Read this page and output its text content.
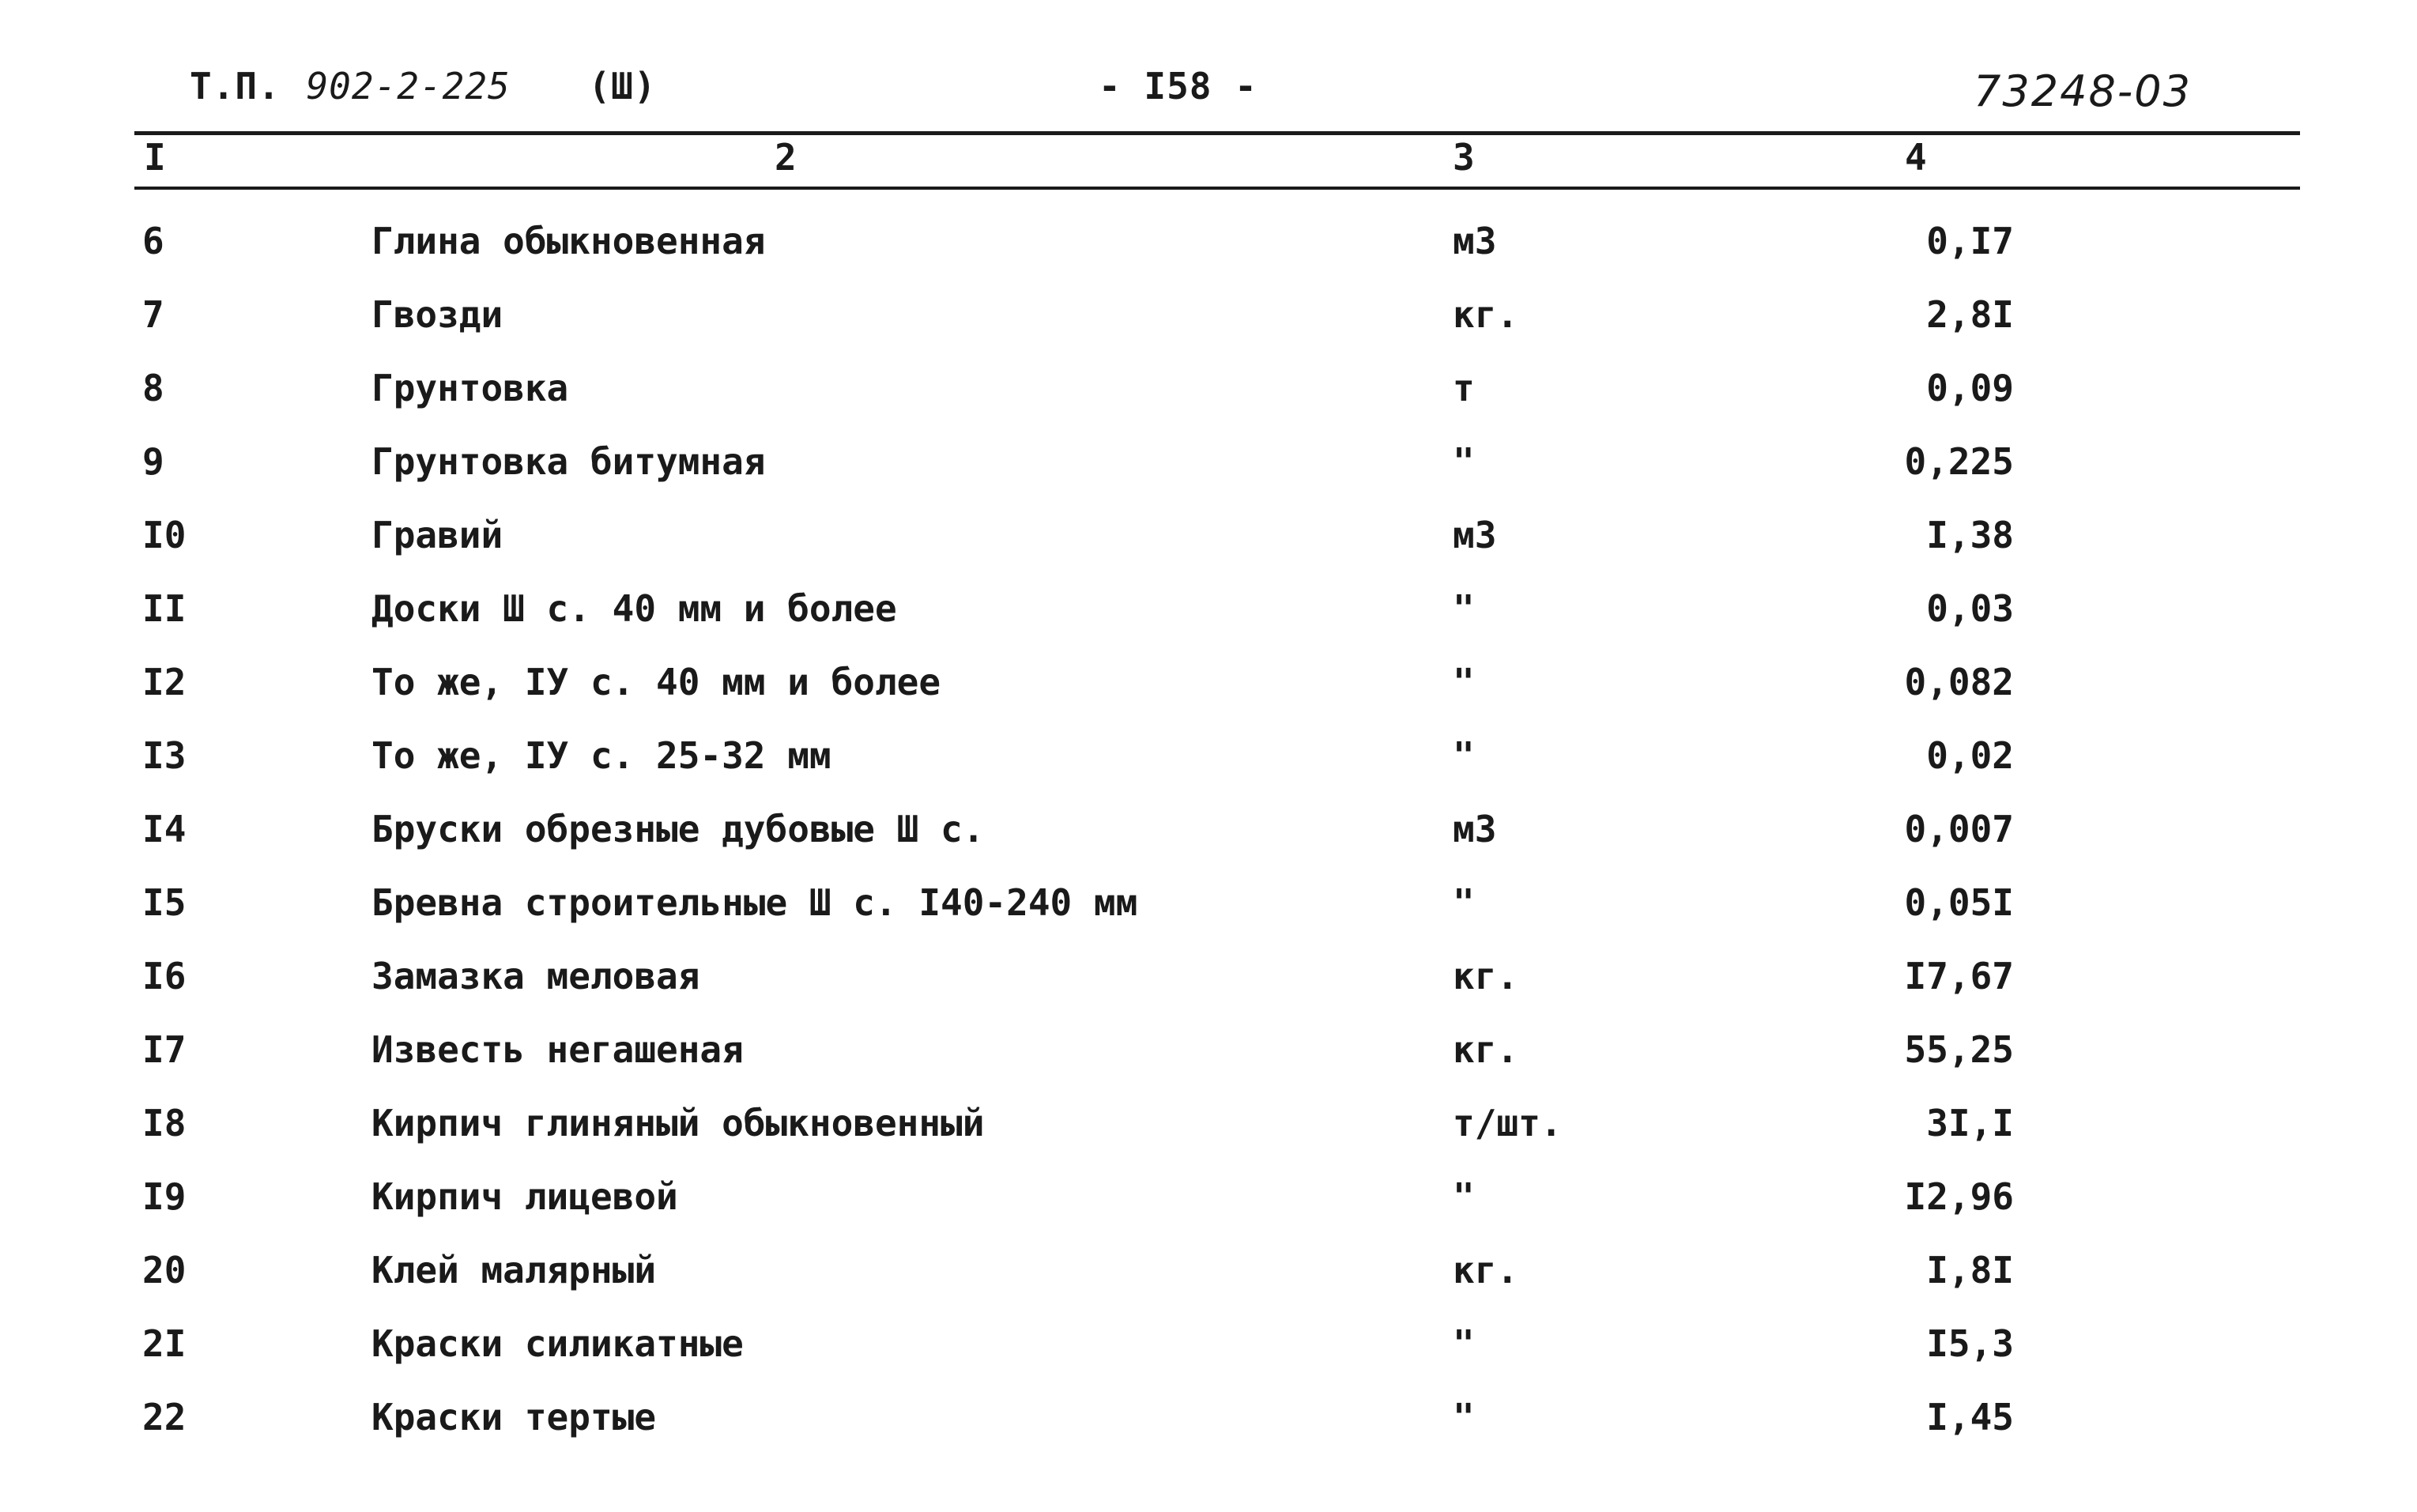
Т.П. 902-2-225 (Ш)	- I58 -	73248-03
I	2	3	4
6	Глина обыкновенная	м3	0,I7
7	Гвозди	кг.	2,8I
8	Грунтовка	т	0,09
9	Грунтовка битумная	"	0,225
I0	Гравий	м3	I,38
II	Доски Ш с. 40 мм и более	"	0,03
I2	То же, IУ с. 40 мм и более	"	0,082
I3	То же, IУ с. 25-32 мм	"	0,02
I4	Бруски обрезные дубовые Ш с.	м3	0,007
I5	Бревна строительные Ш с. I40-240 мм	"	0,05I
I6	Замазка меловая	кг.	I7,67
I7	Известь негашеная	кг.	55,25
I8	Кирпич глиняный обыкновенный	т/шт.	3I,I
I9	Кирпич лицевой	"	I2,96
20	Клей малярный	кг.	I,8I
2I	Краски силикатные	"	I5,3
22	Краски тертые	"	I,45
